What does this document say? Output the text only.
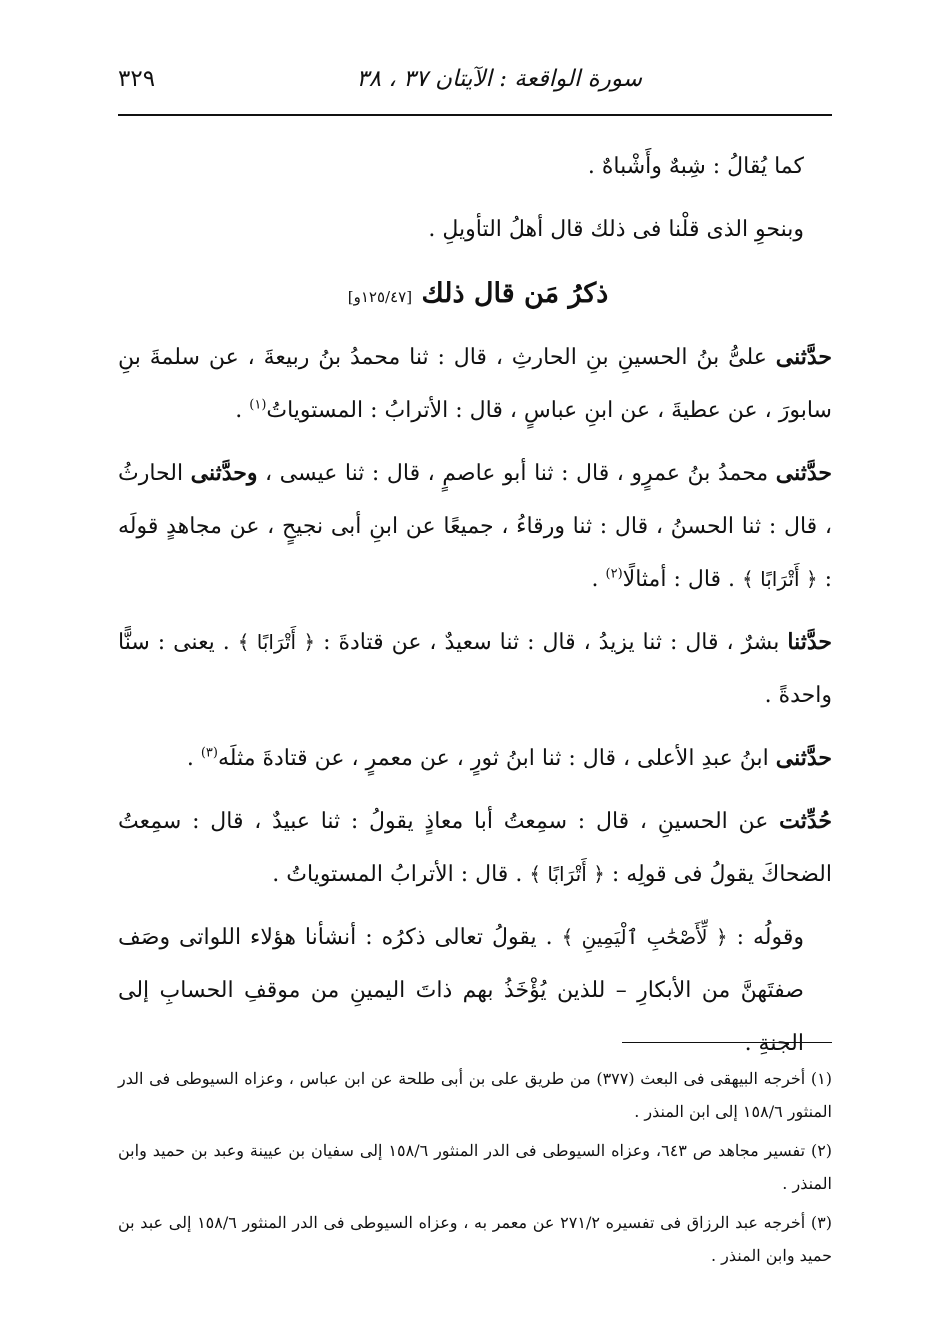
سورة الواقعة : الآيتان ٣٧ ، ٣٨
٣٢٩

كما يُقالُ : شِبهٌ وأَشْباهٌ .

وبنحوِ الذى قلْنا فى ذلك قال أهلُ التأويلِ .

ذكرُ مَن قال ذلك [١٢٥/٤٧و]

حدَّثنى علىُّ بنُ الحسينِ بنِ الحارثِ ، قال : ثنا محمدُ بنُ ربيعةَ ، عن سلمةَ بنِ سابورَ ، عن عطيةَ ، عن ابنِ عباسٍ ، قال : الأترابُ : المستوياتُ$^{(١)}$ .

حدَّثنى محمدُ بنُ عمرٍو ، قال : ثنا أبو عاصمٍ ، قال : ثنا عيسى ، وحدَّثنى الحارثُ ، قال : ثنا الحسنُ ، قال : ثنا ورقاءُ ، جميعًا عن ابنِ أبى نجيحٍ ، عن مجاهدٍ قولَه : ﴿ أَتْرَابًا ﴾ . قال : أمثالًا$^{(٢)}$ .

حدَّثنا بشرٌ ، قال : ثنا يزيدُ ، قال : ثنا سعيدٌ ، عن قتادةَ : ﴿ أَتْرَابًا ﴾ . يعنى : سنًّا واحدةً .

حدَّثنى ابنُ عبدِ الأعلى ، قال : ثنا ابنُ ثورٍ ، عن معمرٍ ، عن قتادةَ مثلَه$^{(٣)}$ .

حُدِّثت عن الحسينِ ، قال : سمِعتُ أبا معاذٍ يقولُ : ثنا عبيدٌ ، قال : سمِعتُ الضحاكَ يقولُ فى قولِه : ﴿ أَتْرَابًا ﴾ . قال : الأترابُ المستوياتُ .

وقولُه : ﴿ لِّأَصْحَٰبِ ٱلْيَمِينِ ﴾ . يقولُ تعالى ذكرُه : أنشأنا هؤلاء اللواتى وصَف صفتَهنَّ من الأبكارِ – للذين يُؤْخَذُ بهم ذاتَ اليمينِ من موقفِ الحسابِ إلى الجنةِ .

(١) أخرجه البيهقى فى البعث (٣٧٧) من طريق على بن أبى طلحة عن ابن عباس ، وعزاه السيوطى فى الدر المنثور ١٥٨/٦ إلى ابن المنذر .

(٢) تفسير مجاهد ص ٦٤٣، وعزاه السيوطى فى الدر المنثور ١٥٨/٦ إلى سفيان بن عيينة وعبد بن حميد وابن المنذر .

(٣) أخرجه عبد الرزاق فى تفسيره ٢٧١/٢ عن معمر به ، وعزاه السيوطى فى الدر المنثور ١٥٨/٦ إلى عبد بن حميد وابن المنذر .
